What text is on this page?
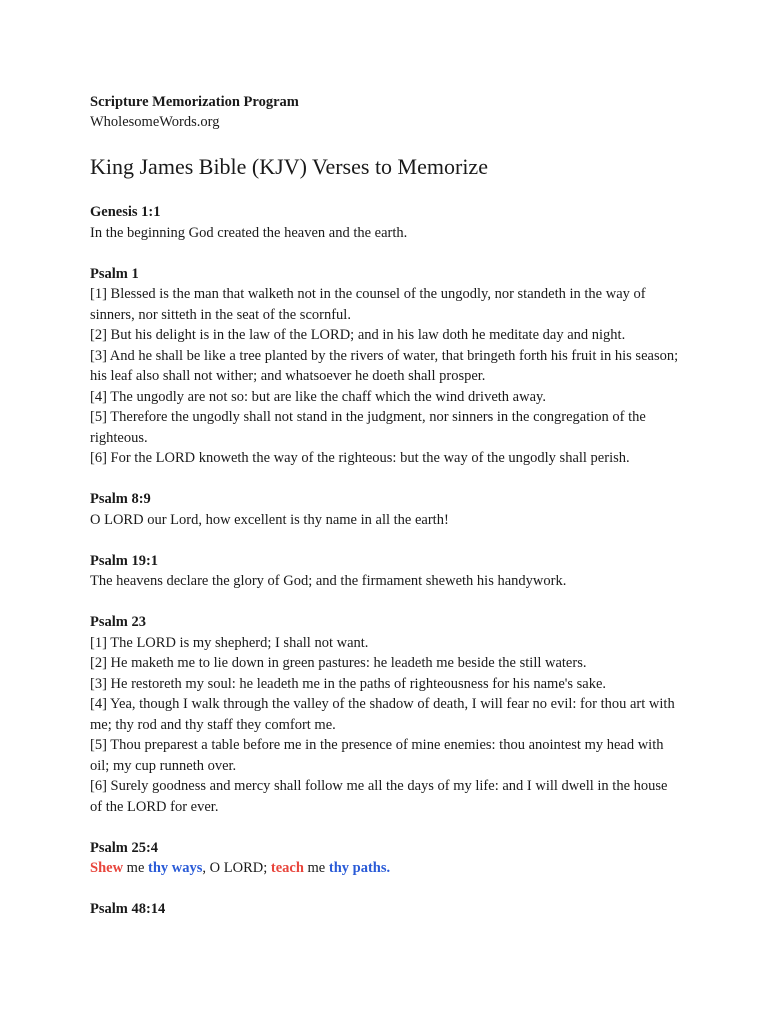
Scripture Memorization Program

WholesomeWords.org

King James Bible (KJV) Verses to Memorize
Genesis 1:1
In the beginning God created the heaven and the earth.
Psalm 1
[1] Blessed is the man that walketh not in the counsel of the ungodly, nor standeth in the way of sinners, nor sitteth in the seat of the scornful.
[2] But his delight is in the law of the LORD; and in his law doth he meditate day and night.
[3] And he shall be like a tree planted by the rivers of water, that bringeth forth his fruit in his season; his leaf also shall not wither; and whatsoever he doeth shall prosper.
[4] The ungodly are not so: but are like the chaff which the wind driveth away.
[5] Therefore the ungodly shall not stand in the judgment, nor sinners in the congregation of the righteous.
[6] For the LORD knoweth the way of the righteous: but the way of the ungodly shall perish.
Psalm 8:9
O LORD our Lord, how excellent is thy name in all the earth!
Psalm 19:1
The heavens declare the glory of God; and the firmament sheweth his handywork.
Psalm 23
[1] The LORD is my shepherd; I shall not want.
[2] He maketh me to lie down in green pastures: he leadeth me beside the still waters.
[3] He restoreth my soul: he leadeth me in the paths of righteousness for his name's sake.
[4] Yea, though I walk through the valley of the shadow of death, I will fear no evil: for thou art with me; thy rod and thy staff they comfort me.
[5] Thou preparest a table before me in the presence of mine enemies: thou anointest my head with oil; my cup runneth over.
[6] Surely goodness and mercy shall follow me all the days of my life: and I will dwell in the house of the LORD for ever.
Psalm 25:4
Shew me thy ways, O LORD; teach me thy paths.
Psalm 48:14
